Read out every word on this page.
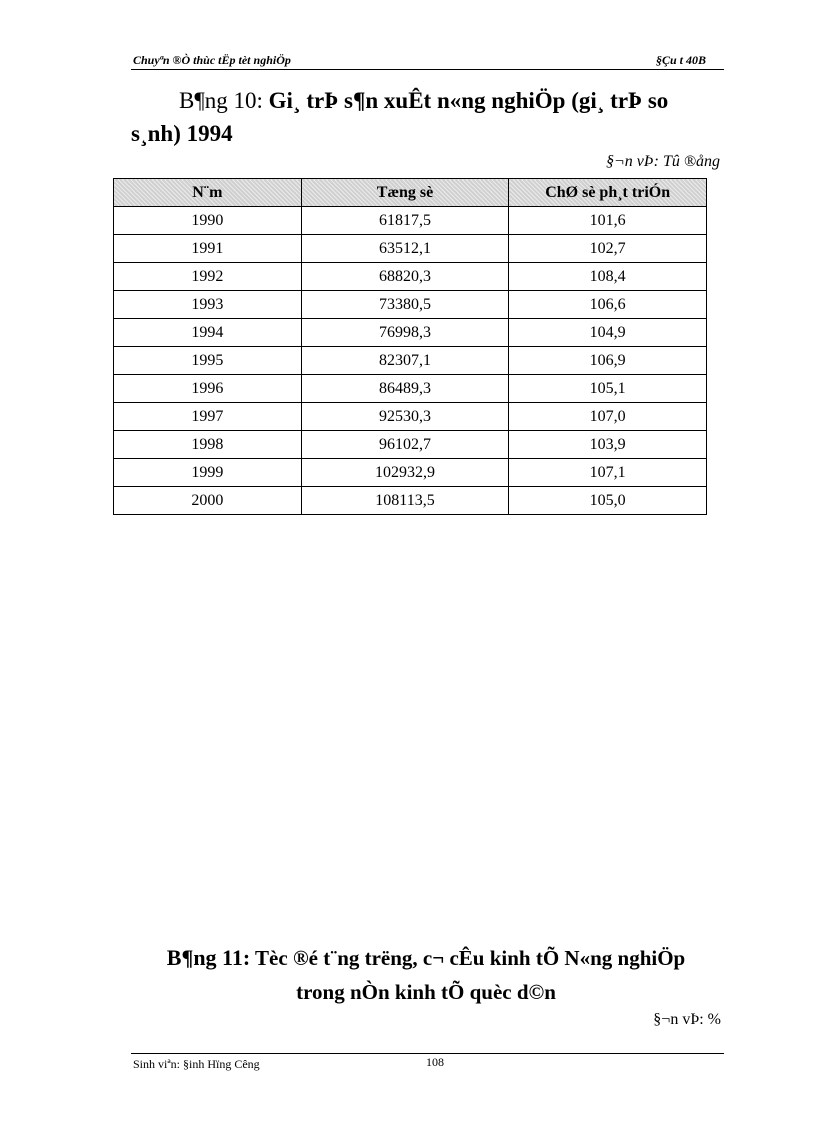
Chuyªn ®Ò thùc tËp tèt nghiÖp	§Çu t 40B
B¶ng 10: Gi¸ trÞ s¶n xuÊt n«ng nghiÖp (gi¸ trÞ so s¸nh) 1994
§¬n vÞ: Tû ®ång
N¨m	Tæng sè	ChØ sè ph¸t triÓn
1990	61817,5	101,6
1991	63512,1	102,7
1992	68820,3	108,4
1993	73380,5	106,6
1994	76998,3	104,9
1995	82307,1	106,9
1996	86489,3	105,1
1997	92530,3	107,0
1998	96102,7	103,9
1999	102932,9	107,1
2000	108113,5	105,0
B¶ng 11: Tèc ®é t¨ng trëng, c¬ cÊu kinh tÕ N«ng nghiÖp
trong nÒn kinh tÕ quèc d©n
§¬n vÞ: %
Sinh viªn: §inh Hïng Cêng	108
